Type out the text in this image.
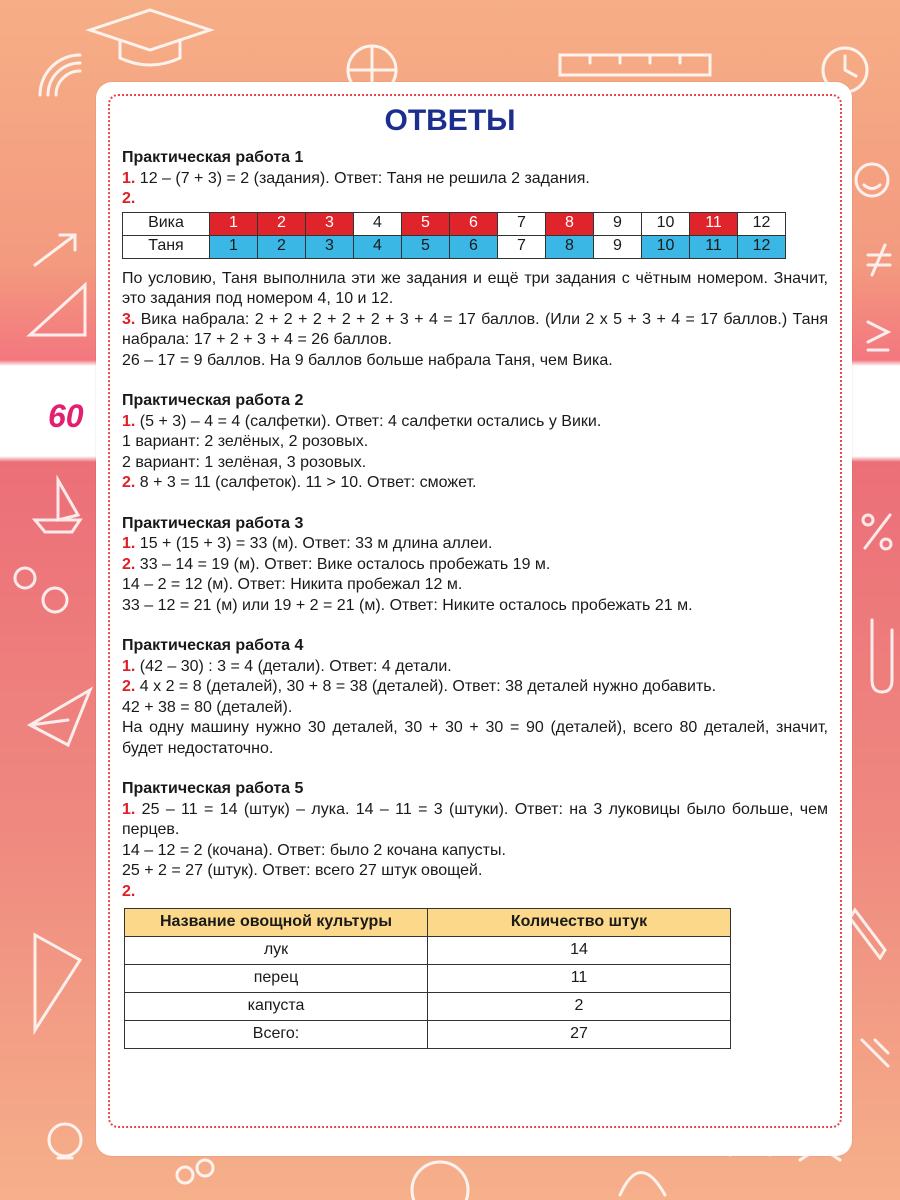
60
ОТВЕТЫ

Практическая работа 1

1. 12 – (7 + 3) = 2 (задания). Ответ: Таня не решила 2 задания.

2.

Вика	1	2	3	4	5	6	7	8	9	10	11	12
Таня	1	2	3	4	5	6	7	8	9	10	11	12

По условию, Таня выполнила эти же задания и ещё три задания с чётным номером. Значит, это задания под номером 4, 10 и 12.

3. Вика набрала: 2 + 2 + 2 + 2 + 2 + 3 + 4 = 17 баллов. (Или 2 х 5 + 3 + 4 = 17 баллов.) Таня набрала: 17 + 2 + 3 + 4 = 26 баллов.

26 – 17 = 9 баллов. На 9 баллов больше набрала Таня, чем Вика.

Практическая работа 2

1. (5 + 3) – 4 = 4 (салфетки). Ответ: 4 салфетки остались у Вики.

1 вариант: 2 зелёных, 2 розовых.

2 вариант: 1 зелёная, 3 розовых.

2. 8 + 3 = 11 (салфеток). 11 > 10. Ответ: сможет.

Практическая работа 3

1. 15 + (15 + 3) = 33 (м). Ответ: 33 м длина аллеи.

2. 33 – 14 = 19 (м). Ответ: Вике осталось пробежать 19 м.

14 – 2 = 12 (м). Ответ: Никита пробежал 12 м.

33 – 12 = 21 (м) или 19 + 2 = 21 (м). Ответ: Никите осталось пробежать 21 м.

Практическая работа 4

1. (42 – 30) : 3 = 4 (детали). Ответ: 4 детали.

2. 4 х 2 = 8 (деталей), 30 + 8 = 38 (деталей). Ответ: 38 деталей нужно добавить.

42 + 38 = 80 (деталей).

На одну машину нужно 30 деталей, 30 + 30 + 30 = 90 (деталей), всего 80 деталей, значит, будет недостаточно.

Практическая работа 5

1. 25 – 11 = 14 (штук) – лука. 14 – 11 = 3 (штуки). Ответ: на 3 луковицы было больше, чем перцев.

14 – 12 = 2 (кочана). Ответ: было 2 кочана капусты.

25 + 2 = 27 (штук). Ответ: всего 27 штук овощей.

2.

Название овощной культуры	Количество штук
лук	14
перец	11
капуста	2
Всего:	27
